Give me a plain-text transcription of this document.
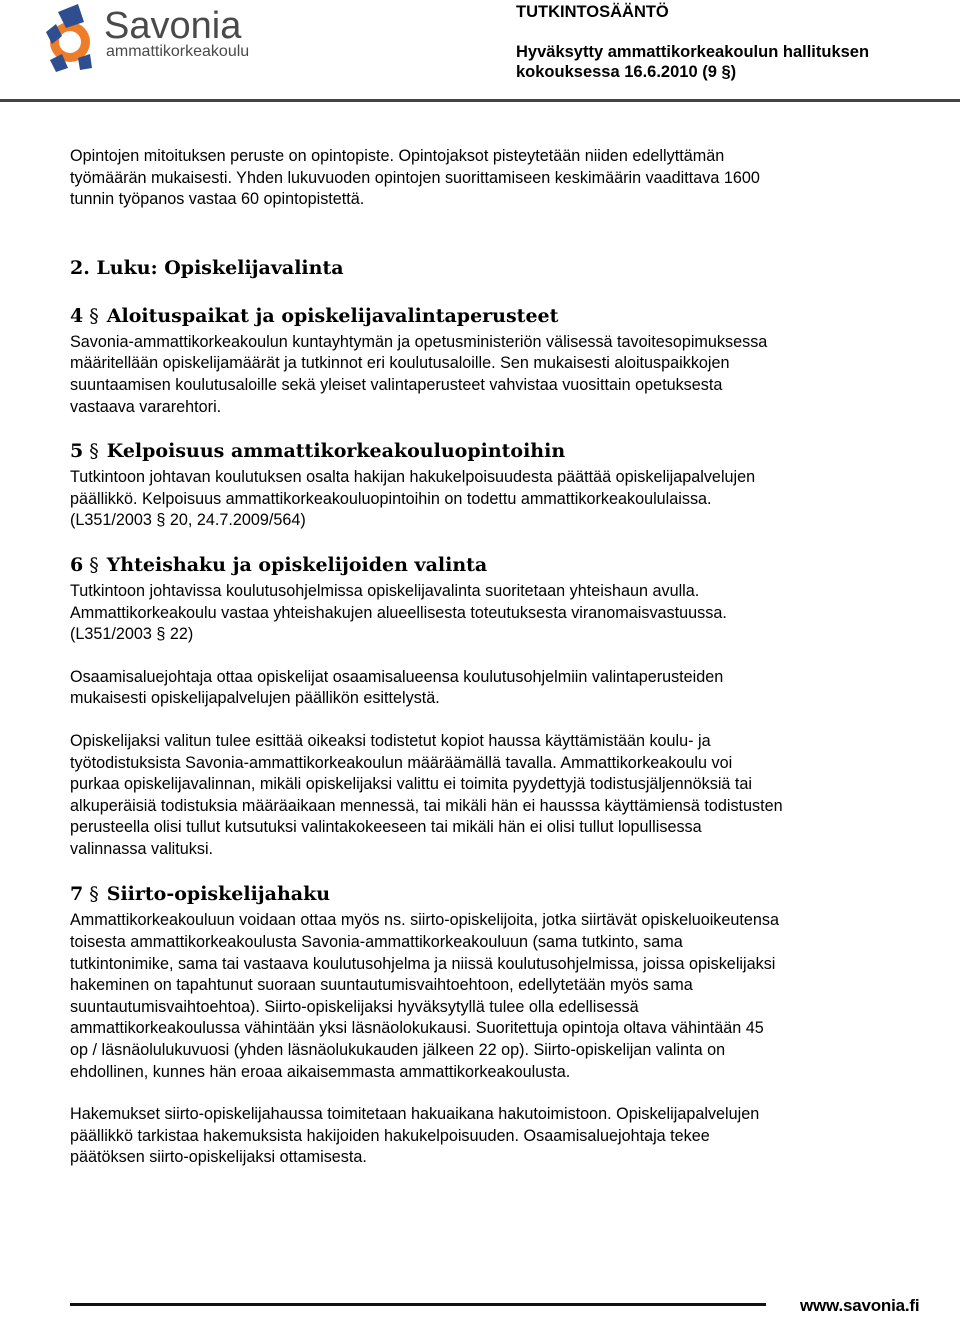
Savonia
ammattikorkeakoulu

TUTKINTOSÄÄNTÖ

Hyväksytty ammattikorkeakoulun hallituksen
kokouksessa 16.6.2010 (9 §)

Opintojen mitoituksen peruste on opintopiste. Opintojaksot pisteytetään niiden edellyttämän
työmäärän mukaisesti. Yhden lukuvuoden opintojen suorittamiseen keskimäärin vaadittava 1600
tunnin työpanos vastaa 60 opintopistettä.

2. Luku: Opiskelijavalinta
4 § Aloituspaikat ja opiskelijavalintaperusteet

Savonia-ammattikorkeakoulun kuntayhtymän ja opetusministeriön välisessä tavoitesopimuksessa
määritellään opiskelijamäärät ja tutkinnot eri koulutusaloille. Sen mukaisesti aloituspaikkojen
suuntaamisen koulutusaloille sekä yleiset valintaperusteet vahvistaa vuosittain opetuksesta
vastaava vararehtori.

5 § Kelpoisuus ammattikorkeakouluopintoihin

Tutkintoon johtavan koulutuksen osalta hakijan hakukelpoisuudesta päättää opiskelijapalvelujen
päällikkö. Kelpoisuus ammattikorkeakouluopintoihin on todettu ammattikorkeakoululaissa.
(L351/2003 § 20, 24.7.2009/564)

6 § Yhteishaku ja opiskelijoiden valinta

Tutkintoon johtavissa koulutusohjelmissa opiskelijavalinta suoritetaan yhteishaun avulla.
Ammattikorkeakoulu vastaa yhteishakujen alueellisesta toteutuksesta viranomaisvastuussa.
(L351/2003 § 22)

Osaamisaluejohtaja ottaa opiskelijat osaamisalueensa koulutusohjelmiin valintaperusteiden
mukaisesti opiskelijapalvelujen päällikön esittelystä.

Opiskelijaksi valitun tulee esittää oikeaksi todistetut kopiot haussa käyttämistään koulu- ja
työtodistuksista Savonia-ammattikorkeakoulun määräämällä tavalla. Ammattikorkeakoulu voi
purkaa opiskelijavalinnan, mikäli opiskelijaksi valittu ei toimita pyydettyjä todistusjäljennöksiä tai
alkuperäisiä todistuksia määräaikaan mennessä, tai mikäli hän ei hausssa käyttämiensä todistusten
perusteella olisi tullut kutsutuksi valintakokeeseen tai mikäli hän ei olisi tullut lopullisessa
valinnassa valituksi.

7 § Siirto-opiskelijahaku

Ammattikorkeakouluun voidaan ottaa myös ns. siirto-opiskelijoita, jotka siirtävät opiskeluoikeutensa
toisesta ammattikorkeakoulusta Savonia-ammattikorkeakouluun (sama tutkinto, sama
tutkintonimike, sama tai vastaava koulutusohjelma ja niissä koulutusohjelmissa, joissa opiskelijaksi
hakeminen on tapahtunut suoraan suuntautumisvaihtoehtoon, edellytetään myös sama
suuntautumisvaihtoehtoa). Siirto-opiskelijaksi hyväksytyllä tulee olla edellisessä
ammattikorkeakoulussa vähintään yksi läsnäolokukausi. Suoritettuja opintoja oltava vähintään 45
op / läsnäolulukuvuosi (yhden läsnäolukukauden jälkeen 22 op). Siirto-opiskelijan valinta on
ehdollinen, kunnes hän eroaa aikaisemmasta ammattikorkeakoulusta.

Hakemukset siirto-opiskelijahaussa toimitetaan hakuaikana hakutoimistoon. Opiskelijapalvelujen
päällikkö tarkistaa hakemuksista hakijoiden hakukelpoisuuden. Osaamisaluejohtaja tekee
päätöksen siirto-opiskelijaksi ottamisesta.

www.savonia.fi
